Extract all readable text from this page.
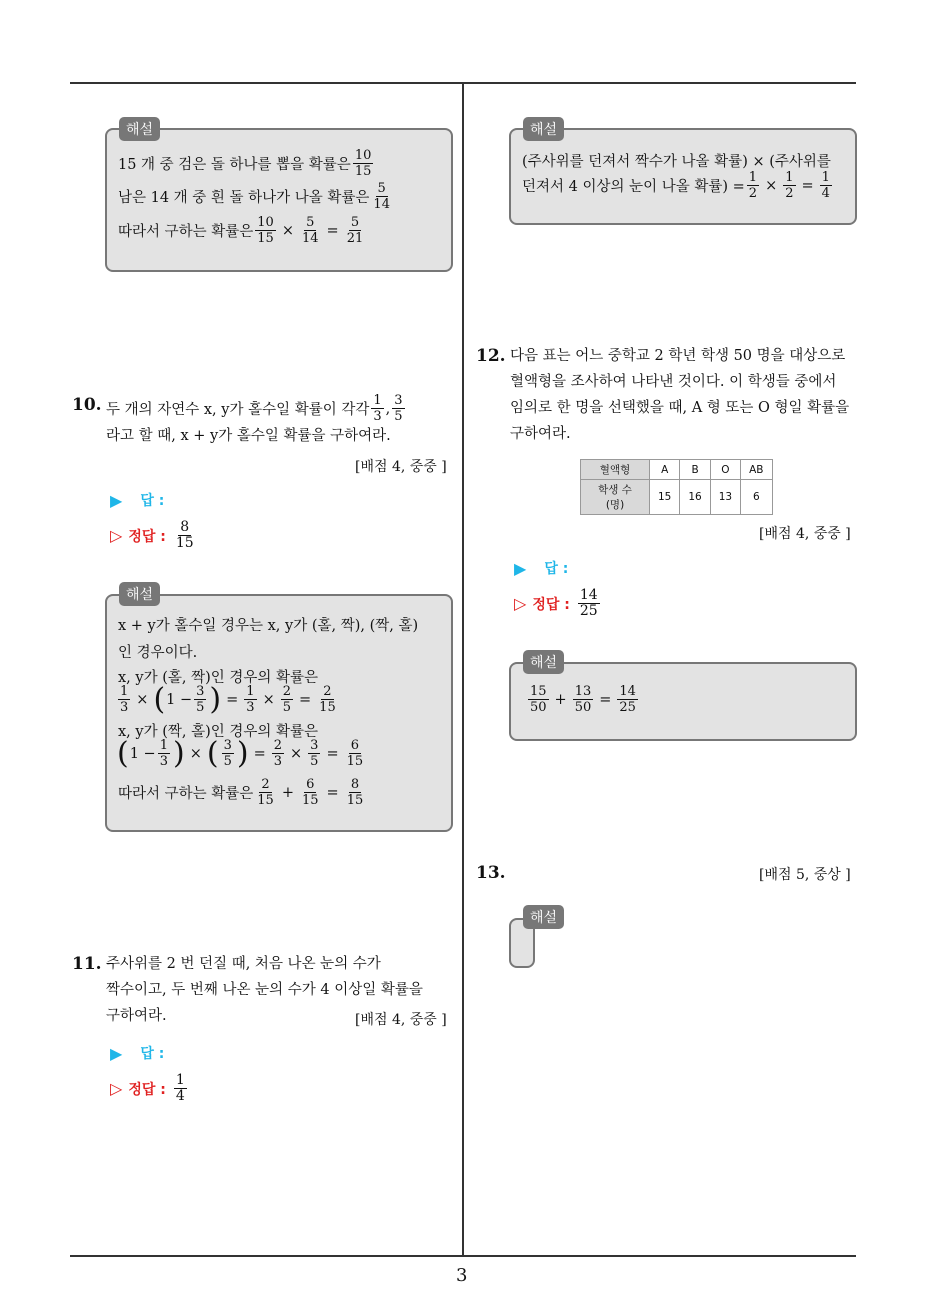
3
해설
15 개 중 검은 돌 하나를 뽑을 확률은
10
15
남은 14 개 중 흰 돌 하나가 나올 확률은
5
14
따라서 구하는 확률은 $\frac{10}{15} \times \frac{5}{14} = \frac{5}{21}$
10. 두 개의 자연수 x, y가 홀수일 확률이 각각
1
3 , 3
5
라고 할 때, x + y가 홀수일 확률을 구하여라.
[배점 4, 중중 ]
▶ 답 :
▷ 정답 :
8
15
해설
x + y가 홀수일 경우는 x, y가 (홀, 짝), (짝, 홀)
인 경우이다.
x, y가 (홀, 짝)인 경우의 확률은
$\frac{1}{3}$ × ( 1 − 3
5 ) = $\frac{1}{3} \times \frac{2}{5} = \frac{2}{15}$
x, y가 (짝, 홀)인 경우의 확률은
( 1 − 1
3 ) × ( 3
5 ) = $\frac{2}{3} \times \frac{3}{5} = \frac{6}{15}$
따라서 구하는 확률은
2
$15 + \frac{6}{15} = \frac{8}{15}$
11. 주사위를 2 번 던질 때, 처음 나온 눈의 수가
짝수이고, 두 번째 나온 눈의 수가 4 이상일 확률을
구하여라.	[배점 4, 중중 ]
▶ 답 :
▷ 정답 :
1
4
해설
(주사위를 던져서 짝수가 나올 확률) × (주사위를
던져서 4 이상의 눈이 나올 확률) = $\frac{1}{2} \times \frac{1}{2} = \frac{1}{4}$
12. 다음 표는 어느 중학교 2 학년 학생 50 명을 대상으로
혈액형을 조사하여 나타낸 것이다. 이 학생들 중에서
임의로 한 명을 선택했을 때, A 형 또는 O 형일 확률을
구하여라.
혈액형	A	B	O	AB
학생 수(명)	15	16	13	6
[배점 4, 중중 ]
▶ 답 :
▷ 정답 :
14
25
해설
15
$50 + \frac{13}{50} = \frac{14}{25}$
13.	[배점 5, 중상 ]
해설
